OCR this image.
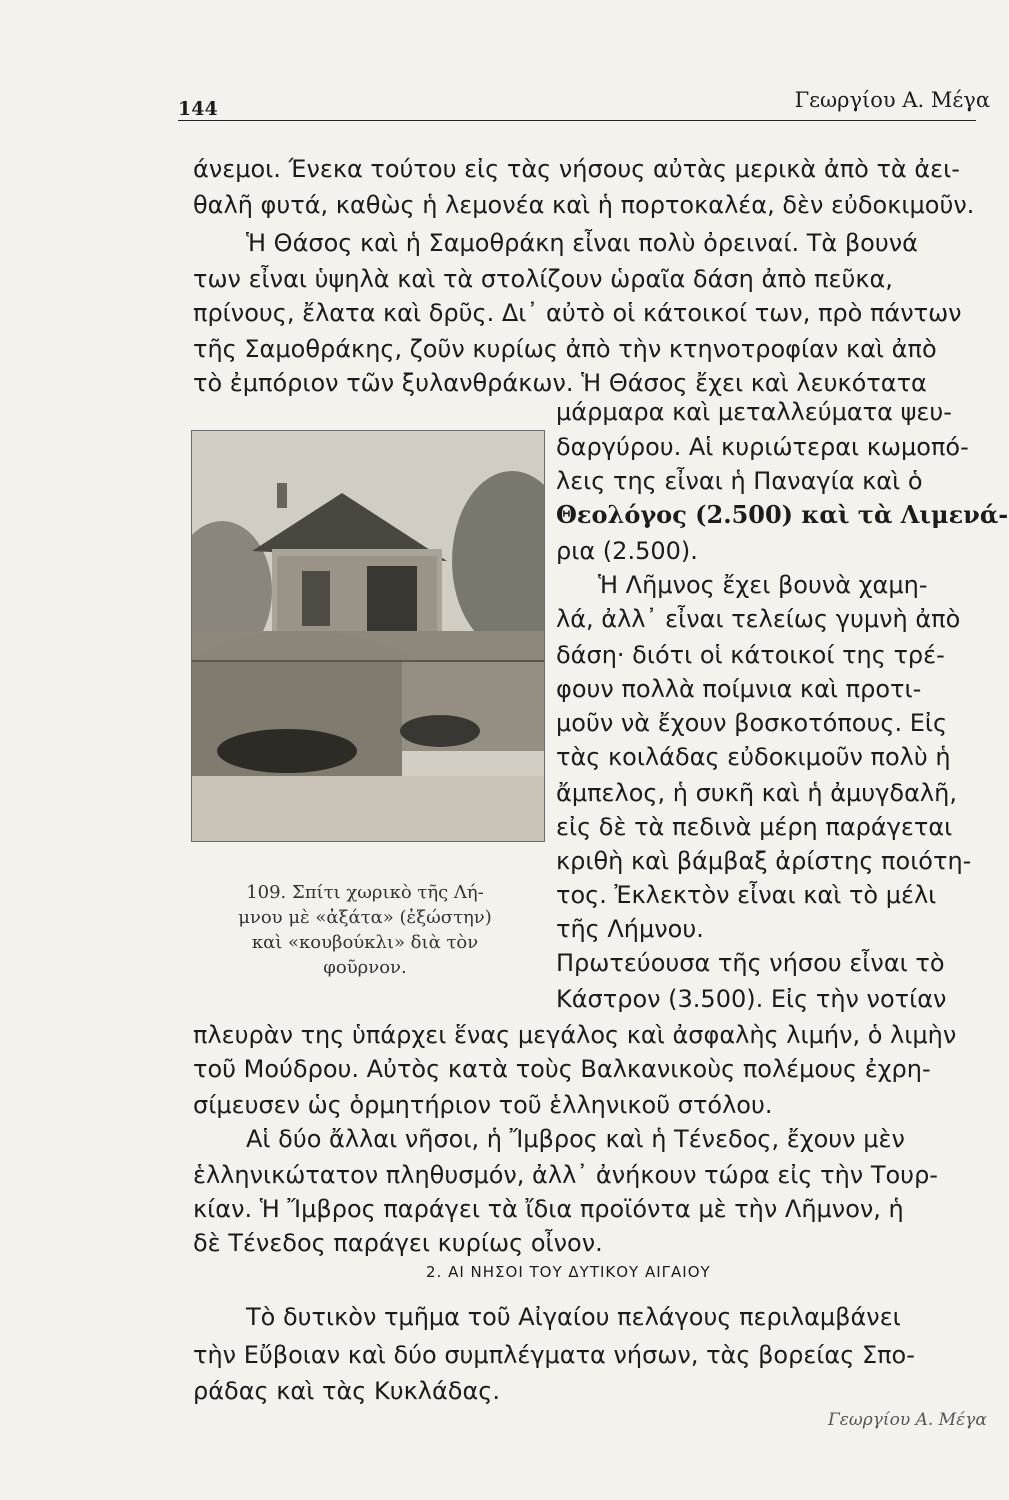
144	Γεωργίου Α. Μέγα
άνεμοι. Ένεκα τούτου εἰς τὰς νήσους αὐτὰς μερικὰ ἀπὸ τὰ ἀει-
θαλῆ φυτά, καθὼς ἡ λεμονέα καὶ ἡ πορτοκαλέα, δὲν εὐδοκιμοῦν.
Ἡ Θάσος καὶ ἡ Σαμοθράκη εἶναι πολὺ ὀρειναί. Τὰ βουνά
των εἶναι ὑψηλὰ καὶ τὰ στολίζουν ὡραῖα δάση ἀπὸ πεῦκα,
πρίνους, ἔλατα καὶ δρῦς. Δι᾽ αὐτὸ οἱ κάτοικοί των, πρὸ πάντων
τῆς Σαμοθράκης, ζοῦν κυρίως ἀπὸ τὴν κτηνοτροφίαν καὶ ἀπὸ
τὸ ἐμπόριον τῶν ξυλανθράκων. Ἡ Θάσος ἔχει καὶ λευκότατα
μάρμαρα καὶ μεταλλεύματα ψευ-
δαργύρου. Αἱ κυριώτεραι κωμοπό-
λεις της εἶναι ἡ Παναγία καὶ ὁ
Θεολόγος (2.500) καὶ τὰ Λιμενά-
ρια (2.500).
Ἡ Λῆμνος ἔχει βουνὰ χαμη-
λά, ἀλλ᾽ εἶναι τελείως γυμνὴ ἀπὸ
δάση· διότι οἱ κάτοικοί της τρέ-
φουν πολλὰ ποίμνια καὶ προτι-
μοῦν νὰ ἔχουν βοσκοτόπους. Εἰς
τὰς κοιλάδας εὐδοκιμοῦν πολὺ ἡ
ἄμπελος, ἡ συκῆ καὶ ἡ ἀμυγδαλῆ,
εἰς δὲ τὰ πεδινὰ μέρη παράγεται
κριθὴ καὶ βάμβαξ ἀρίστης ποιότη-
τος. Ἐκλεκτὸν εἶναι καὶ τὸ μέλι
τῆς Λήμνου.
Πρωτεύουσα τῆς νήσου εἶναι τὸ
Κάστρον (3.500). Εἰς τὴν νοτίαν
109. Σπίτι χωρικὸ τῆς Λή-
μνου μὲ «ἀξάτα» (ἐξώστην)
καὶ «κουβούκλι» διὰ τὸν
φοῦρνον.
πλευρὰν της ὑπάρχει ἕνας μεγάλος καὶ ἀσφαλὴς λιμήν, ὁ λιμὴν
τοῦ Μούδρου. Αὐτὸς κατὰ τοὺς Βαλκανικοὺς πολέμους ἐχρη-
σίμευσεν ὡς ὁρμητήριον τοῦ ἑλληνικοῦ στόλου.
Αἱ δύο ἄλλαι νῆσοι, ἡ Ἴμβρος καὶ ἡ Τένεδος, ἔχουν μὲν
ἑλληνικώτατον πληθυσμόν, ἀλλ᾽ ἀνήκουν τώρα εἰς τὴν Τουρ-
κίαν. Ἡ Ἴμβρος παράγει τὰ ἴδια προϊόντα μὲ τὴν Λῆμνον, ἡ
δὲ Τένεδος παράγει κυρίως οἶνον.
2. ΑΙ ΝΗΣΟΙ ΤΟΥ ΔΥΤΙΚΟΥ ΑΙΓΑΙΟΥ
Τὸ δυτικὸν τμῆμα τοῦ Αἰγαίου πελάγους περιλαμβάνει
τὴν Εὔβοιαν καὶ δύο συμπλέγματα νήσων, τὰς βορείας Σπο-
ράδας καὶ τὰς Κυκλάδας.
Γεωργίου Α. Μέγα
